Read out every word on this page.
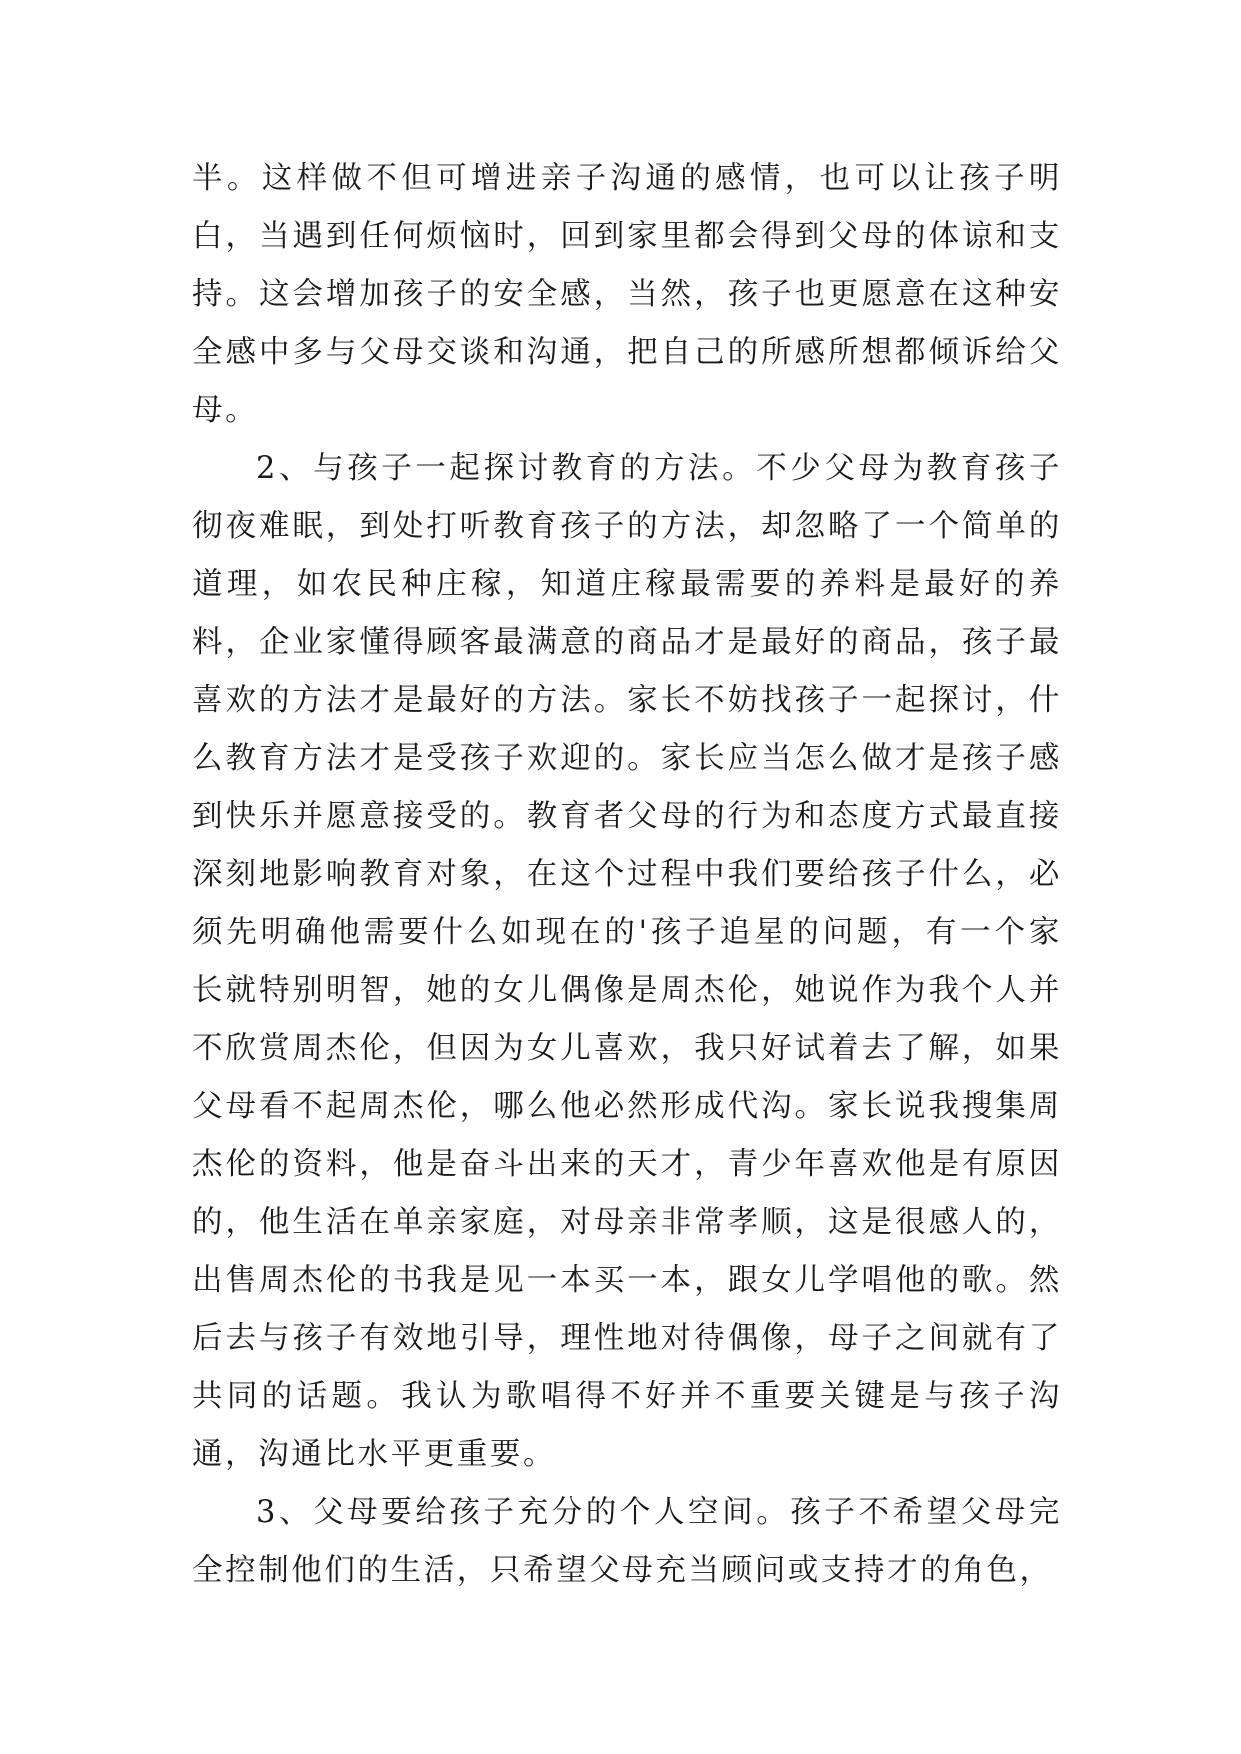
半。这样做不但可增进亲子沟通的感情，也可以让孩子明白，当遇到任何烦恼时，回到家里都会得到父母的体谅和支持。这会增加孩子的安全感，当然，孩子也更愿意在这种安全感中多与父母交谈和沟通，把自己的所感所想都倾诉给父母。

2、与孩子一起探讨教育的方法。不少父母为教育孩子彻夜难眠，到处打听教育孩子的方法，却忽略了一个简单的道理，如农民种庄稼，知道庄稼最需要的养料是最好的养料，企业家懂得顾客最满意的商品才是最好的商品，孩子最喜欢的方法才是最好的方法。家长不妨找孩子一起探讨，什么教育方法才是受孩子欢迎的。家长应当怎么做才是孩子感到快乐并愿意接受的。教育者父母的行为和态度方式最直接深刻地影响教育对象，在这个过程中我们要给孩子什么，必须先明确他需要什么如现在的'孩子追星的问题，有一个家长就特别明智，她的女儿偶像是周杰伦，她说作为我个人并不欣赏周杰伦，但因为女儿喜欢，我只好试着去了解，如果父母看不起周杰伦，哪么他必然形成代沟。家长说我搜集周杰伦的资料，他是奋斗出来的天才，青少年喜欢他是有原因的，他生活在单亲家庭，对母亲非常孝顺，这是很感人的，出售周杰伦的书我是见一本买一本，跟女儿学唱他的歌。然后去与孩子有效地引导，理性地对待偶像，母子之间就有了共同的话题。我认为歌唱得不好并不重要关键是与孩子沟通，沟通比水平更重要。

3、父母要给孩子充分的个人空间。孩子不希望父母完全控制他们的生活，只希望父母充当顾问或支持才的角色，
